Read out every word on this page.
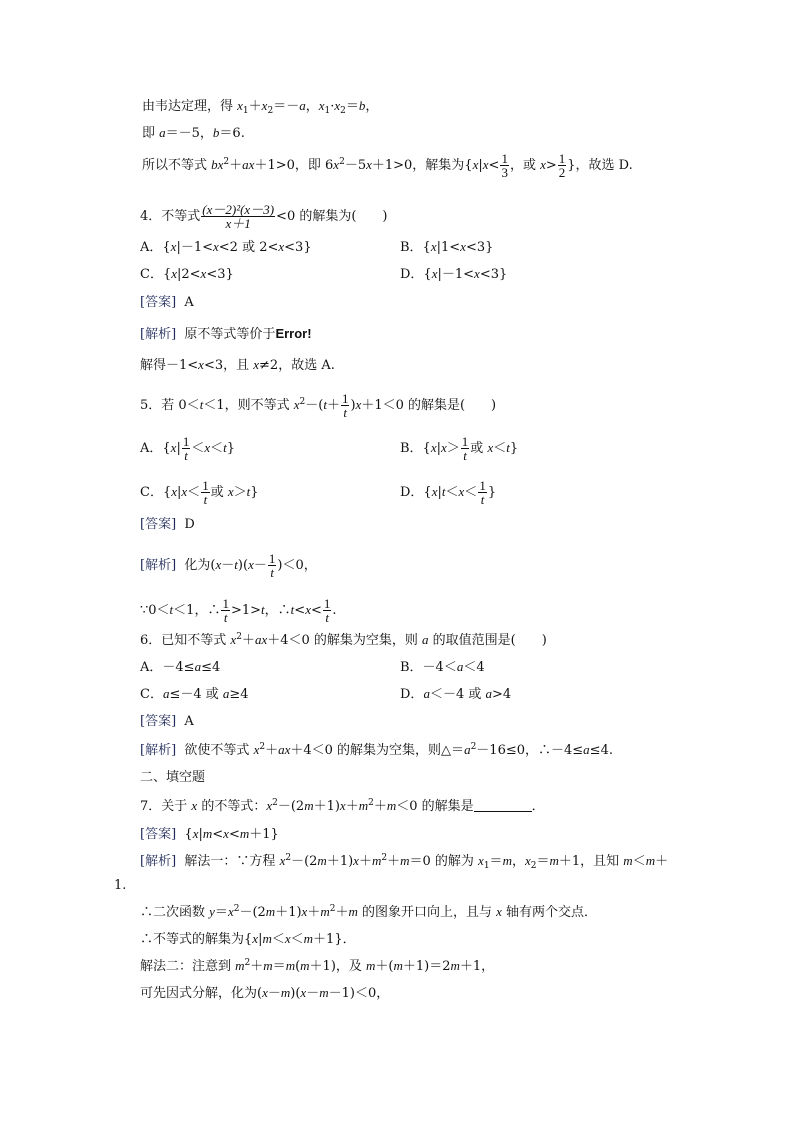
由韦达定理，得 $x_1+x_2=-a$，$x_1\cdot x_2=b$，
即 a＝－5，b＝6.
所以不等式 $bx^2+ax+1>0$，即 $6x^2-5x+1>0$，解集为{$x|x< \frac{1}{3}$ ，或 $x> \frac{1}{2}$ }，故选 D.
4．不等式 $\frac{\text{(x－2)²(x－3)}}{x+1} <0$ 的解集为(　　)
A．{x|－1<x<2 或 2<x<3}	B．{x|1<x<3}
C．{x|2<x<3}	D．{x|－1<x<3}
[答案] A
[解析] 原不等式等价于Error!
解得－1<x<3，且 x≠2，故选 A.
5．若 0＜t＜1，则不等式 $x^2-(t+ \frac{1}{t} )x+1<0$ 的解集是(　　)
A．$\{x| \frac{1}{t} <x<t\}$	B．{$x|x> \frac{1}{t}$ 或 x＜t}
C．{$x|x< \frac{1}{t}$ 或 x＞t}	D．{$x|t<x< \frac{1}{t}$ }
[答案] D
[解析] 化为$(x-t)(x- \frac{1}{t} )<0$，
∵0＜t＜1，∴ $\frac{1}{t} >1>t$，∴t<x< $\frac{1}{t}$ .
6．已知不等式 $x^2+ax+4<0$ 的解集为空集，则 a 的取值范围是(　　)
A．－4≤a≤4	B．－4＜a＜4
C．a≤－4 或 a≥4	D．a＜－4 或 a>4
[答案] A
[解析] 欲使不等式 $x^2+ax+4<0$ 的解集为空集，则$\triangle=a^2-16\le 0$，∴－4≤a≤4.
二、填空题
7．关于 x 的不等式：$x^2-(2m+1)x+m^2+m<0$ 的解集是	．
[答案] {x|m<x<m＋1}
[解析] 解法一：∵方程 $x^2-(2m+1)x+m^2+m=0$ 的解为 $x_1=m$，$x_2=m+1$，且知 m＜m＋
1.
∴二次函数 $y=x^2-(2m+1)x+m^2+m$ 的图象开口向上，且与 x 轴有两个交点．
∴不等式的解集为{x|m＜x＜m＋1}．
解法二：注意到 $m^2+m=m(m+1)$，及 m＋(m＋1)＝2m＋1，
可先因式分解，化为(x－m)(x－m－1)＜0，
